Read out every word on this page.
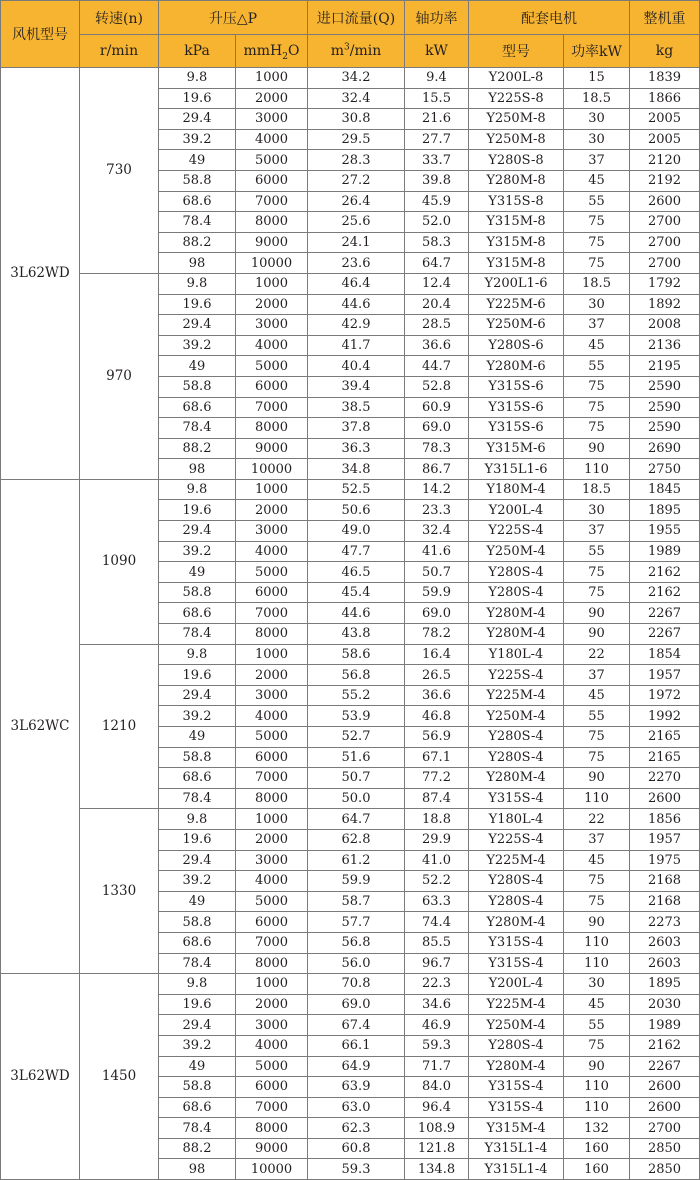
风机型号	转速(n)	升压△P		进口流量(Q)	轴功率	配套电机		整机重
	r/min	kPa	mmH$_2$O	$m^3/\min$	kW	型号	功率kW	kg
3L62WD	730	9.8	1000	34.2	9.4	Y200L-8	15	1839
		19.6	2000	32.4	15.5	Y225S-8	18.5	1866
		29.4	3000	30.8	21.6	Y250M-8	30	2005
		39.2	4000	29.5	27.7	Y250M-8	30	2005
		49	5000	28.3	33.7	Y280S-8	37	2120
		58.8	6000	27.2	39.8	Y280M-8	45	2192
		68.6	7000	26.4	45.9	Y315S-8	55	2600
		78.4	8000	25.6	52.0	Y315M-8	75	2700
		88.2	9000	24.1	58.3	Y315M-8	75	2700
		98	10000	23.6	64.7	Y315M-8	75	2700
	970	9.8	1000	46.4	12.4	Y200L1-6	18.5	1792
		19.6	2000	44.6	20.4	Y225M-6	30	1892
		29.4	3000	42.9	28.5	Y250M-6	37	2008
		39.2	4000	41.7	36.6	Y280S-6	45	2136
		49	5000	40.4	44.7	Y280M-6	55	2195
		58.8	6000	39.4	52.8	Y315S-6	75	2590
		68.6	7000	38.5	60.9	Y315S-6	75	2590
		78.4	8000	37.8	69.0	Y315S-6	75	2590
		88.2	9000	36.3	78.3	Y315M-6	90	2690
		98	10000	34.8	86.7	Y315L1-6	110	2750
3L62WC	1090	9.8	1000	52.5	14.2	Y180M-4	18.5	1845
		19.6	2000	50.6	23.3	Y200L-4	30	1895
		29.4	3000	49.0	32.4	Y225S-4	37	1955
		39.2	4000	47.7	41.6	Y250M-4	55	1989
		49	5000	46.5	50.7	Y280S-4	75	2162
		58.8	6000	45.4	59.9	Y280S-4	75	2162
		68.6	7000	44.6	69.0	Y280M-4	90	2267
		78.4	8000	43.8	78.2	Y280M-4	90	2267
	1210	9.8	1000	58.6	16.4	Y180L-4	22	1854
		19.6	2000	56.8	26.5	Y225S-4	37	1957
		29.4	3000	55.2	36.6	Y225M-4	45	1972
		39.2	4000	53.9	46.8	Y250M-4	55	1992
		49	5000	52.7	56.9	Y280S-4	75	2165
		58.8	6000	51.6	67.1	Y280S-4	75	2165
		68.6	7000	50.7	77.2	Y280M-4	90	2270
		78.4	8000	50.0	87.4	Y315S-4	110	2600
	1330	9.8	1000	64.7	18.8	Y180L-4	22	1856
		19.6	2000	62.8	29.9	Y225S-4	37	1957
		29.4	3000	61.2	41.0	Y225M-4	45	1975
		39.2	4000	59.9	52.2	Y280S-4	75	2168
		49	5000	58.7	63.3	Y280S-4	75	2168
		58.8	6000	57.7	74.4	Y280M-4	90	2273
		68.6	7000	56.8	85.5	Y315S-4	110	2603
		78.4	8000	56.0	96.7	Y315S-4	110	2603
3L62WD	1450	9.8	1000	70.8	22.3	Y200L-4	30	1895
		19.6	2000	69.0	34.6	Y225M-4	45	2030
		29.4	3000	67.4	46.9	Y250M-4	55	1989
		39.2	4000	66.1	59.3	Y280S-4	75	2162
		49	5000	64.9	71.7	Y280M-4	90	2267
		58.8	6000	63.9	84.0	Y315S-4	110	2600
		68.6	7000	63.0	96.4	Y315S-4	110	2600
		78.4	8000	62.3	108.9	Y315M-4	132	2700
		88.2	9000	60.8	121.8	Y315L1-4	160	2850
		98	10000	59.3	134.8	Y315L1-4	160	2850
